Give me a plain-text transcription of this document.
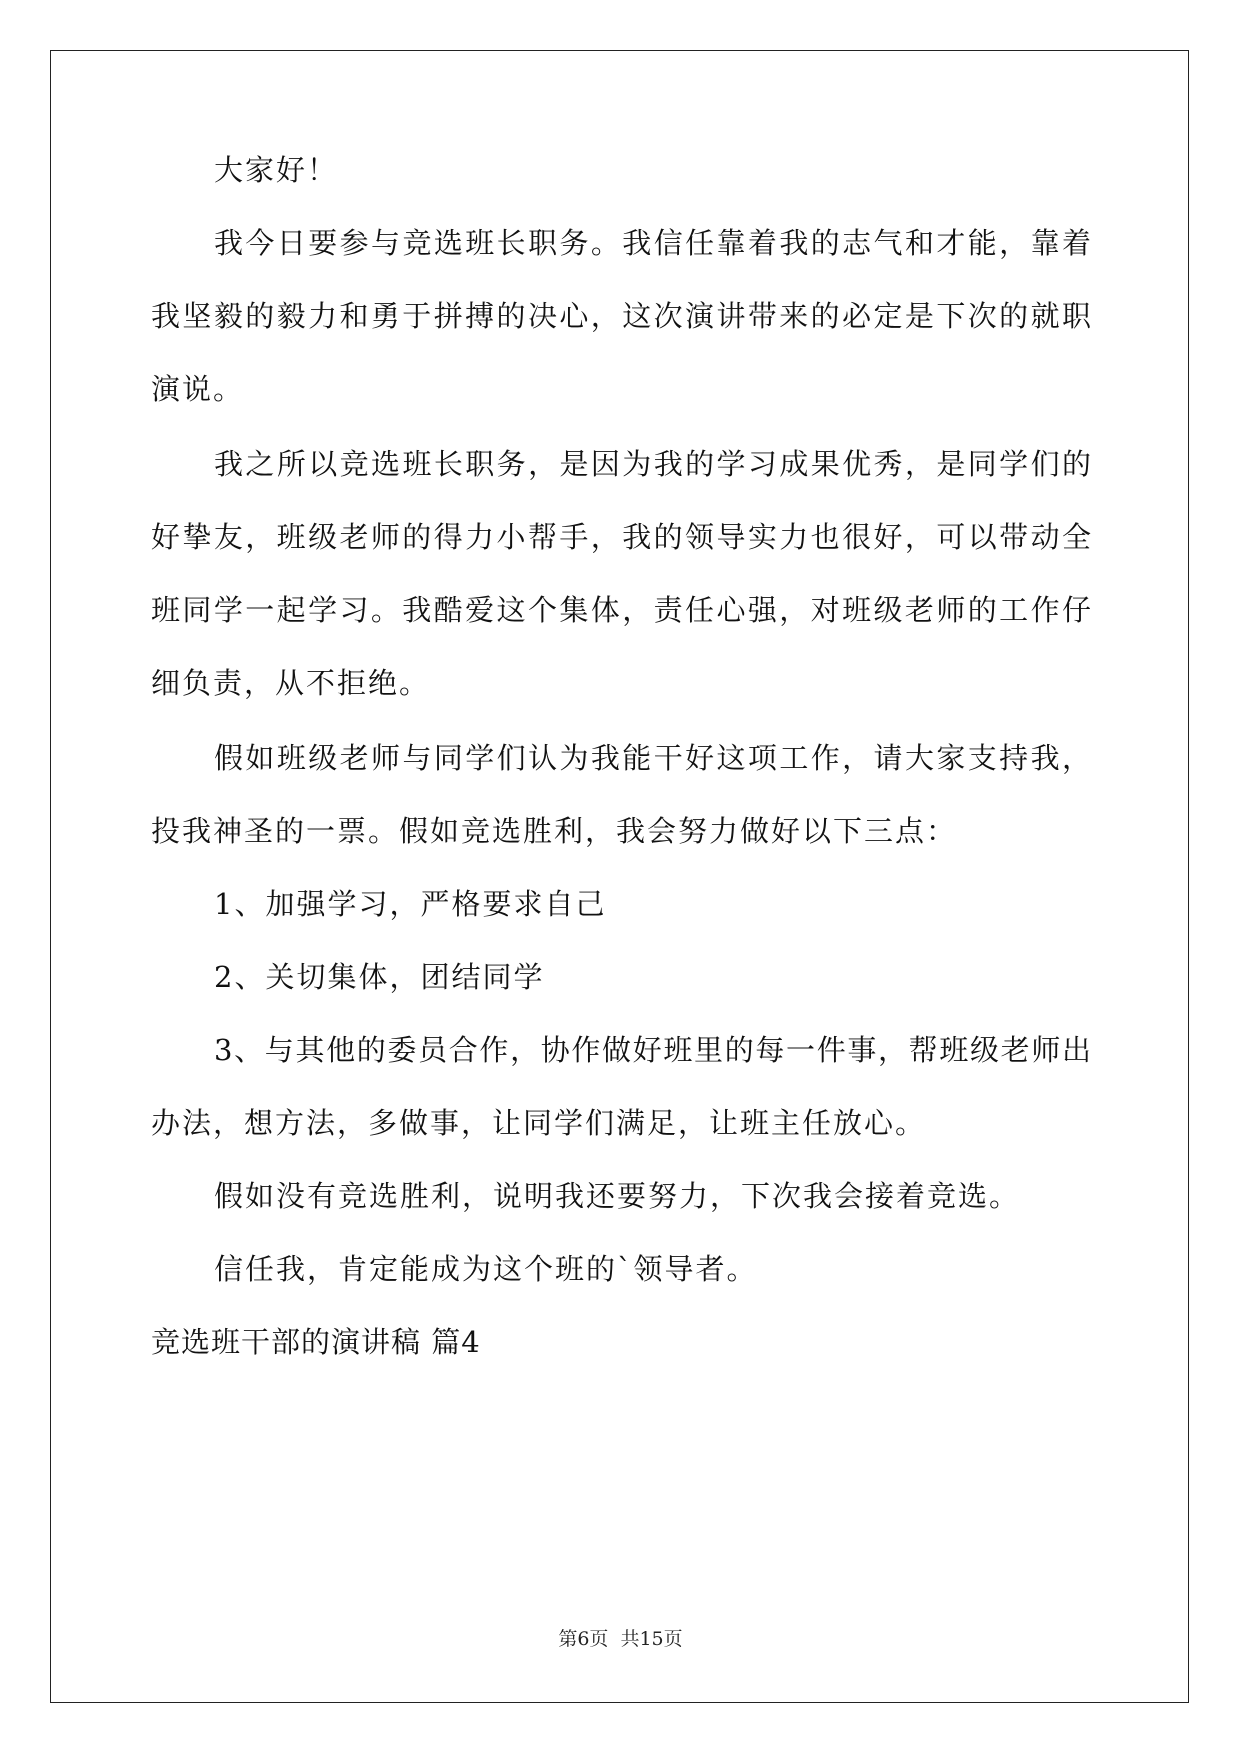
大家好！
我今日要参与竞选班长职务。我信任靠着我的志气和才能，靠着
我坚毅的毅力和勇于拼搏的决心，这次演讲带来的必定是下次的就职
演说。
我之所以竞选班长职务，是因为我的学习成果优秀，是同学们的
好挚友，班级老师的得力小帮手，我的领导实力也很好，可以带动全
班同学一起学习。我酷爱这个集体，责任心强，对班级老师的工作仔
细负责，从不拒绝。
假如班级老师与同学们认为我能干好这项工作，请大家支持我，
投我神圣的一票。假如竞选胜利，我会努力做好以下三点：
1、加强学习，严格要求自己
2、关切集体，团结同学
3、与其他的委员合作，协作做好班里的每一件事，帮班级老师出
办法，想方法，多做事，让同学们满足，让班主任放心。
假如没有竞选胜利，说明我还要努力，下次我会接着竞选。
信任我，肯定能成为这个班的`领导者。
竞选班干部的演讲稿 篇4
第6页 共15页
